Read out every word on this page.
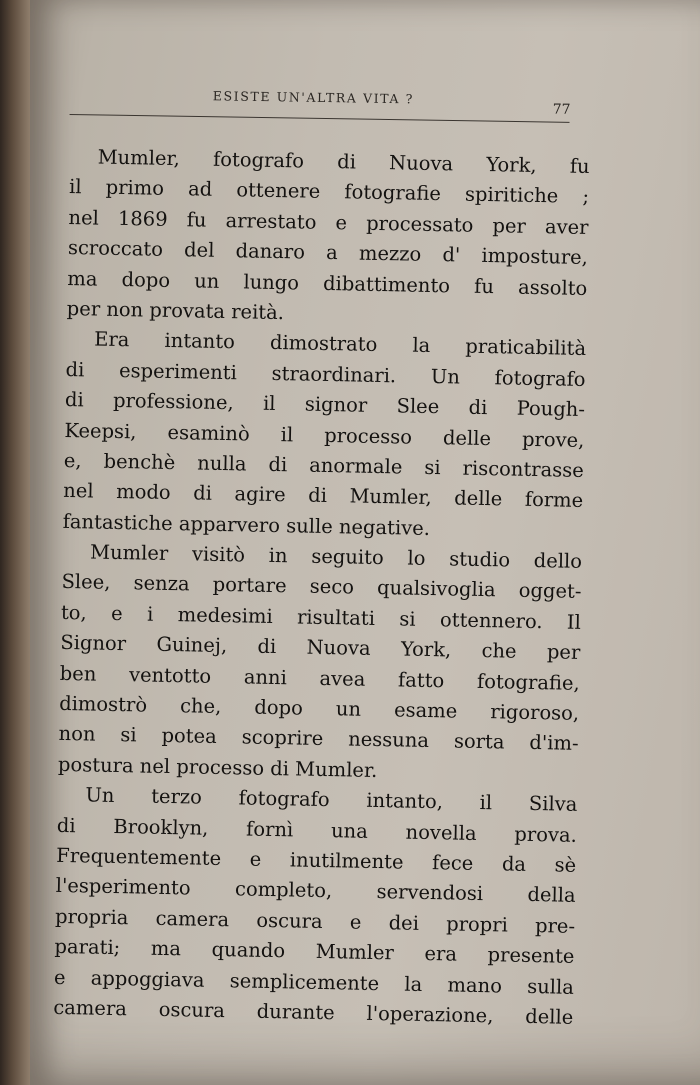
ESISTE UN'ALTRA VITA ?
77
Mumler, fotografo di Nuova York, fu
il primo ad ottenere fotografie spiritiche ;
nel 1869 fu arrestato e processato per aver
scroccato del danaro a mezzo d' imposture,
ma dopo un lungo dibattimento fu assolto
per non provata reità.
Era intanto dimostrato la praticabilità
di esperimenti straordinari. Un fotografo
di professione, il signor Slee di Pough-
Keepsi, esaminò il processo delle prove,
e, benchè nulla di anormale si riscontrasse
nel modo di agire di Mumler, delle forme
fantastiche apparvero sulle negative.
Mumler visitò in seguito lo studio dello
Slee, senza portare seco qualsivoglia ogget-
to, e i medesimi risultati si ottennero. Il
Signor Guinej, di Nuova York, che per
ben ventotto anni avea fatto fotografie,
dimostrò che, dopo un esame rigoroso,
non si potea scoprire nessuna sorta d'im-
postura nel processo di Mumler.
Un terzo fotografo intanto, il Silva
di Brooklyn, fornì una novella prova.
Frequentemente e inutilmente fece da sè
l'esperimento completo, servendosi della
propria camera oscura e dei propri pre-
parati; ma quando Mumler era presente
e appoggiava semplicemente la mano sulla
camera oscura durante l'operazione, delle
